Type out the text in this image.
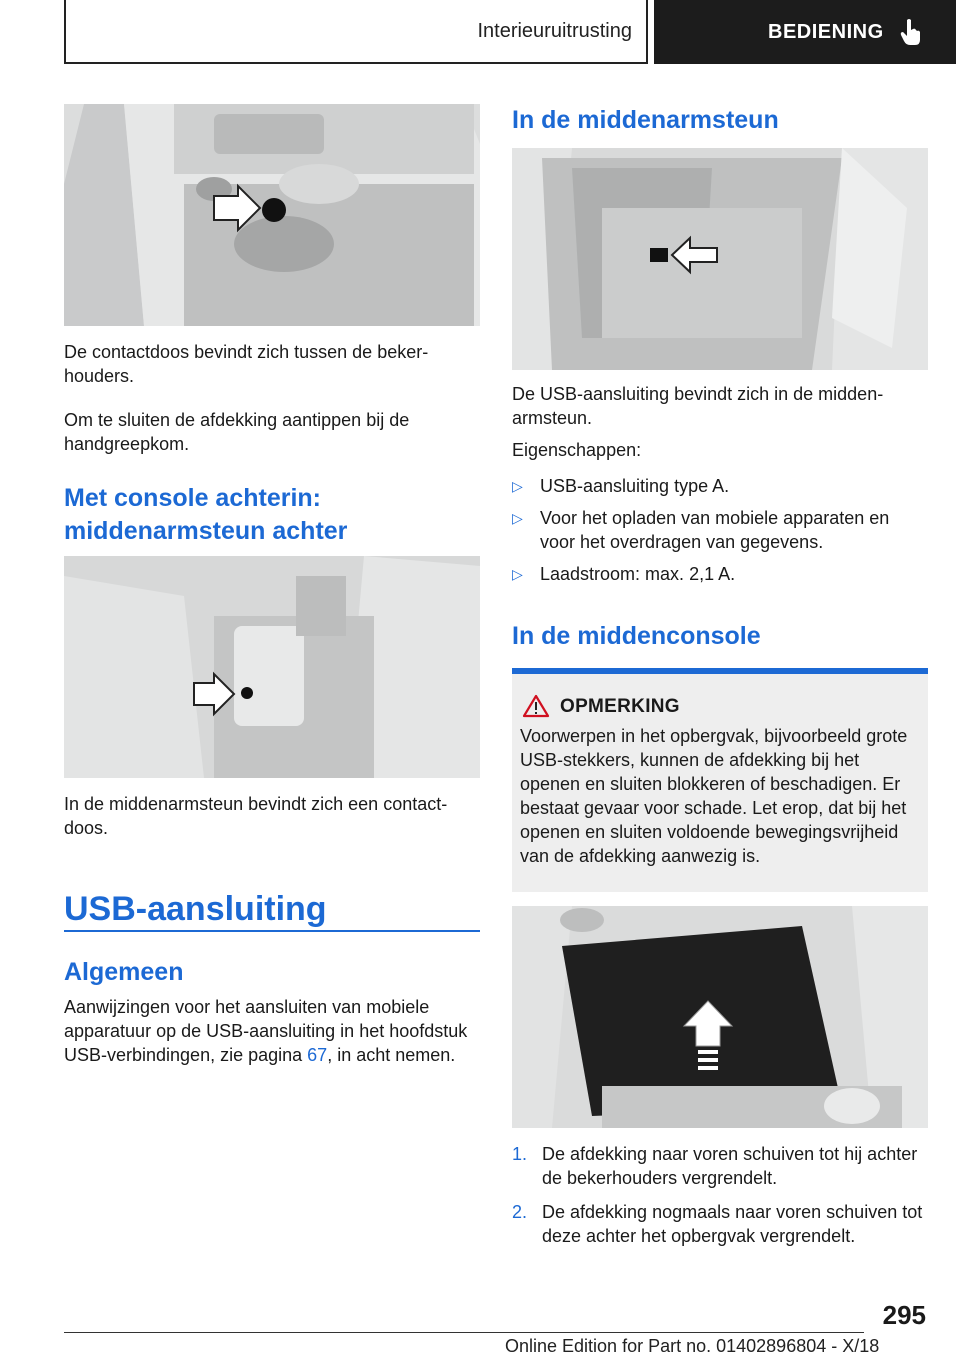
Interieuruitrusting	BEDIENING

De contactdoos bevindt zich tussen de bekerhouders.

Om te sluiten de afdekking aantippen bij de handgreepkom.

Met console achterin: middenarmsteun achter

In de middenarmsteun bevindt zich een contactdoos.

USB-aansluiting
Algemeen

Aanwijzingen voor het aansluiten van mobiele apparatuur op de USB-aansluiting in het hoofdstuk USB-verbindingen, zie pagina 67, in acht nemen.

In de middenarmsteun

De USB-aansluiting bevindt zich in de middenarmsteun.

Eigenschappen:

▷ USB-aansluiting type A.
▷ Voor het opladen van mobiele apparaten en voor het overdragen van gegevens.
▷ Laadstroom: max. 2,1 A.
In de middenconsole
OPMERKING

Voorwerpen in het opbergvak, bijvoorbeeld grote USB-stekkers, kunnen de afdekking bij het openen en sluiten blokkeren of beschadigen. Er bestaat gevaar voor schade. Let erop, dat bij het openen en sluiten voldoende bewegingsvrijheid van de afdekking aanwezig is.

1. De afdekking naar voren schuiven tot hij achter de bekerhouders vergrendelt.
2. De afdekking nogmaals naar voren schuiven tot deze achter het opbergvak vergrendelt.
295
Online Edition for Part no. 01402896804 - X/18
